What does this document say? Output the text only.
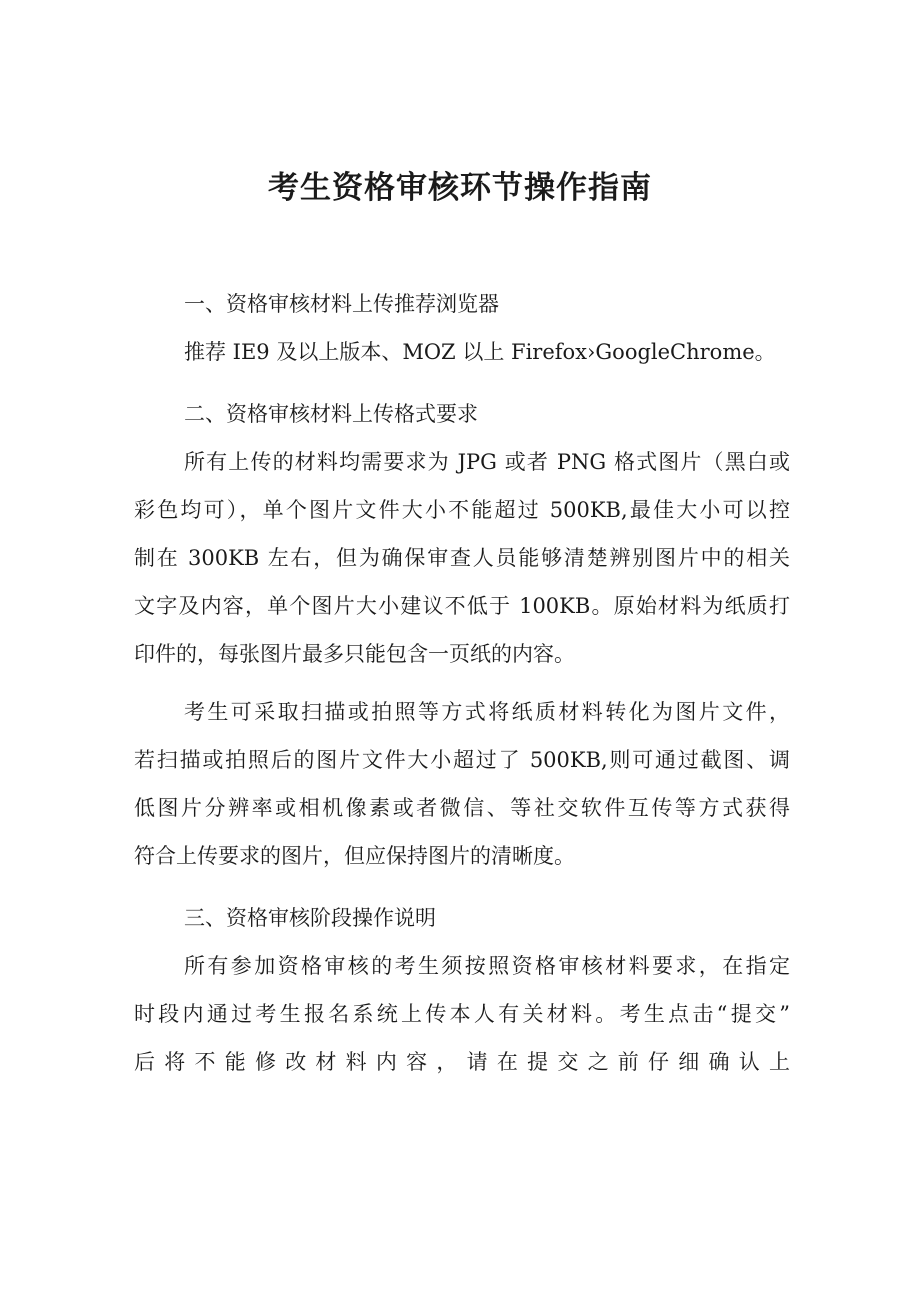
考生资格审核环节操作指南

一、资格审核材料上传推荐浏览器

推荐 IE9 及以上版本、MOZ 以上 Firefox›GoogleChrome。

二、资格审核材料上传格式要求

所有上传的材料均需要求为 JPG 或者 PNG 格式图片（黑白或
彩色均可），单个图片文件大小不能超过 500KB,最佳大小可以控
制在 300KB 左右，但为确保审查人员能够清楚辨别图片中的相关
文字及内容，单个图片大小建议不低于 100KB。原始材料为纸质打
印件的，每张图片最多只能包含一页纸的内容。

考生可采取扫描或拍照等方式将纸质材料转化为图片文件，
若扫描或拍照后的图片文件大小超过了 500KB,则可通过截图、调
低图片分辨率或相机像素或者微信、等社交软件互传等方式获得
符合上传要求的图片，但应保持图片的清晰度。

三、资格审核阶段操作说明

所有参加资格审核的考生须按照资格审核材料要求，在指定
时段内通过考生报名系统上传本人有关材料。考生点击“提交”
后将不能修改材料内容，请在提交之前仔细确认上
